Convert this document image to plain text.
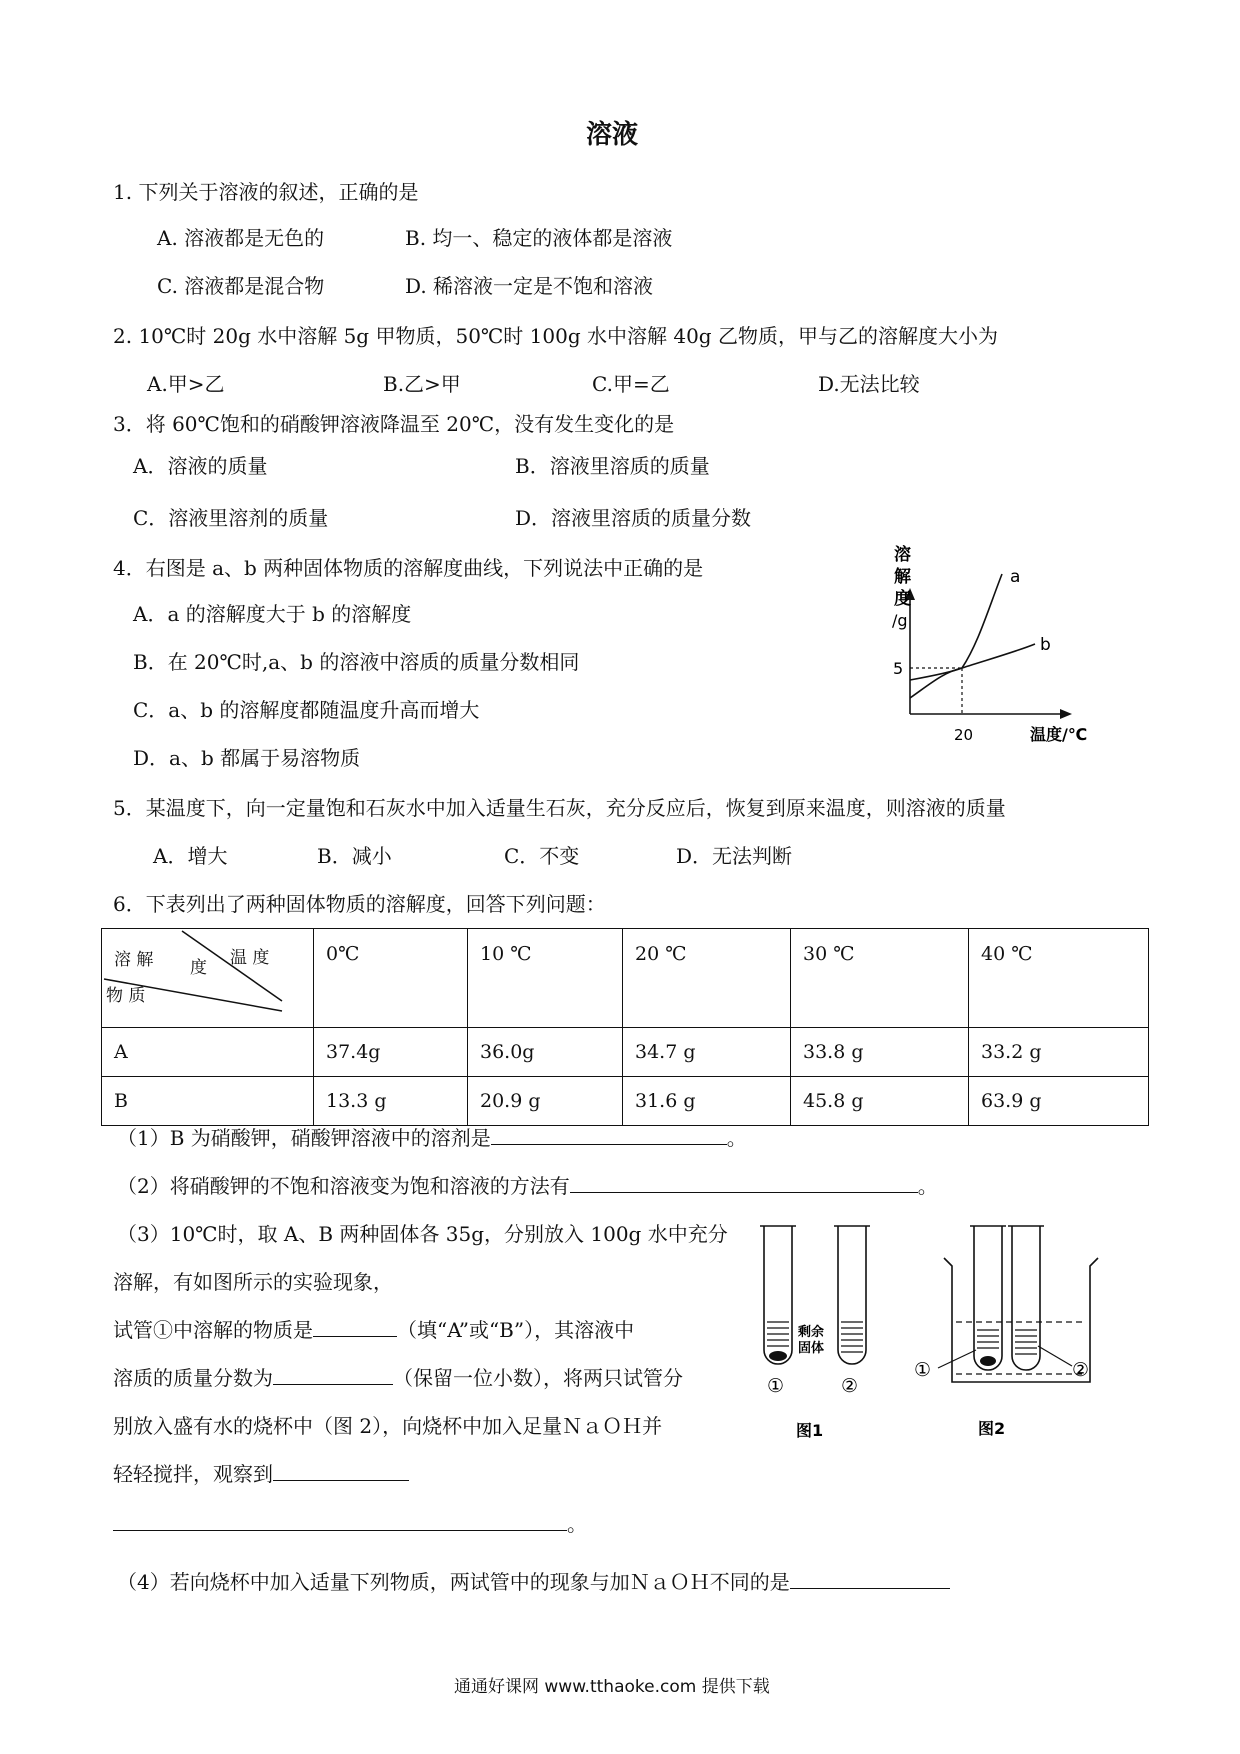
溶液
1. 下列关于溶液的叙述，正确的是
A. 溶液都是无色的	B. 均一、稳定的液体都是溶液
C. 溶液都是混合物	D. 稀溶液一定是不饱和溶液
2. 10℃时 20g 水中溶解 5g 甲物质，50℃时 100g 水中溶解 40g 乙物质，甲与乙的溶解度大小为
A.甲>乙	B.乙>甲	C.甲=乙	D.无法比较
3．将 60℃饱和的硝酸钾溶液降温至 20℃，没有发生变化的是
A．溶液的质量	B．溶液里溶质的质量
C．溶液里溶剂的质量	D．溶液里溶质的质量分数
4．右图是 a、b 两种固体物质的溶解度曲线，下列说法中正确的是
A．a 的溶解度大于 b 的溶解度
B．在 20℃时,a、b 的溶液中溶质的质量分数相同
C．a、b 的溶解度都随温度升高而增大
D．a、b 都属于易溶物质
溶
解
度
/g
5
20	温度/℃
a
b
5．某温度下，向一定量饱和石灰水中加入适量生石灰，充分反应后，恢复到原来温度，则溶液的质量
A．增大	B．减小	C．不变	D．无法判断
6．下表列出了两种固体物质的溶解度，回答下列问题：
溶 解 度 温 度
物 质	0℃	10 ℃	20 ℃	30 ℃	40 ℃
A	37.4g	36.0g	34.7 g	33.8 g	33.2 g
B	13.3 g	20.9 g	31.6 g	45.8 g	63.9 g
（1）B 为硝酸钾，硝酸钾溶液中的溶剂是	。
（2）将硝酸钾的不饱和溶液变为饱和溶液的方法有	。
（3）10℃时，取 A、B 两种固体各 35g，分别放入 100g 水中充分
溶解，有如图所示的实验现象，
试管①中溶解的物质是	（填“A”或“B”），其溶液中
溶质的质量分数为	（保留一位小数），将两只试管分
别放入盛有水的烧杯中（图 2），向烧杯中加入足量ＮａＯＨ并
轻轻搅拌，观察到
。
（4）若向烧杯中加入适量下列物质，两试管中的现象与加ＮａＯＨ不同的是
剩 余
固 体
①	②
图1
①	②
图2
通通好课网 www.tthaoke.com 提供下载
